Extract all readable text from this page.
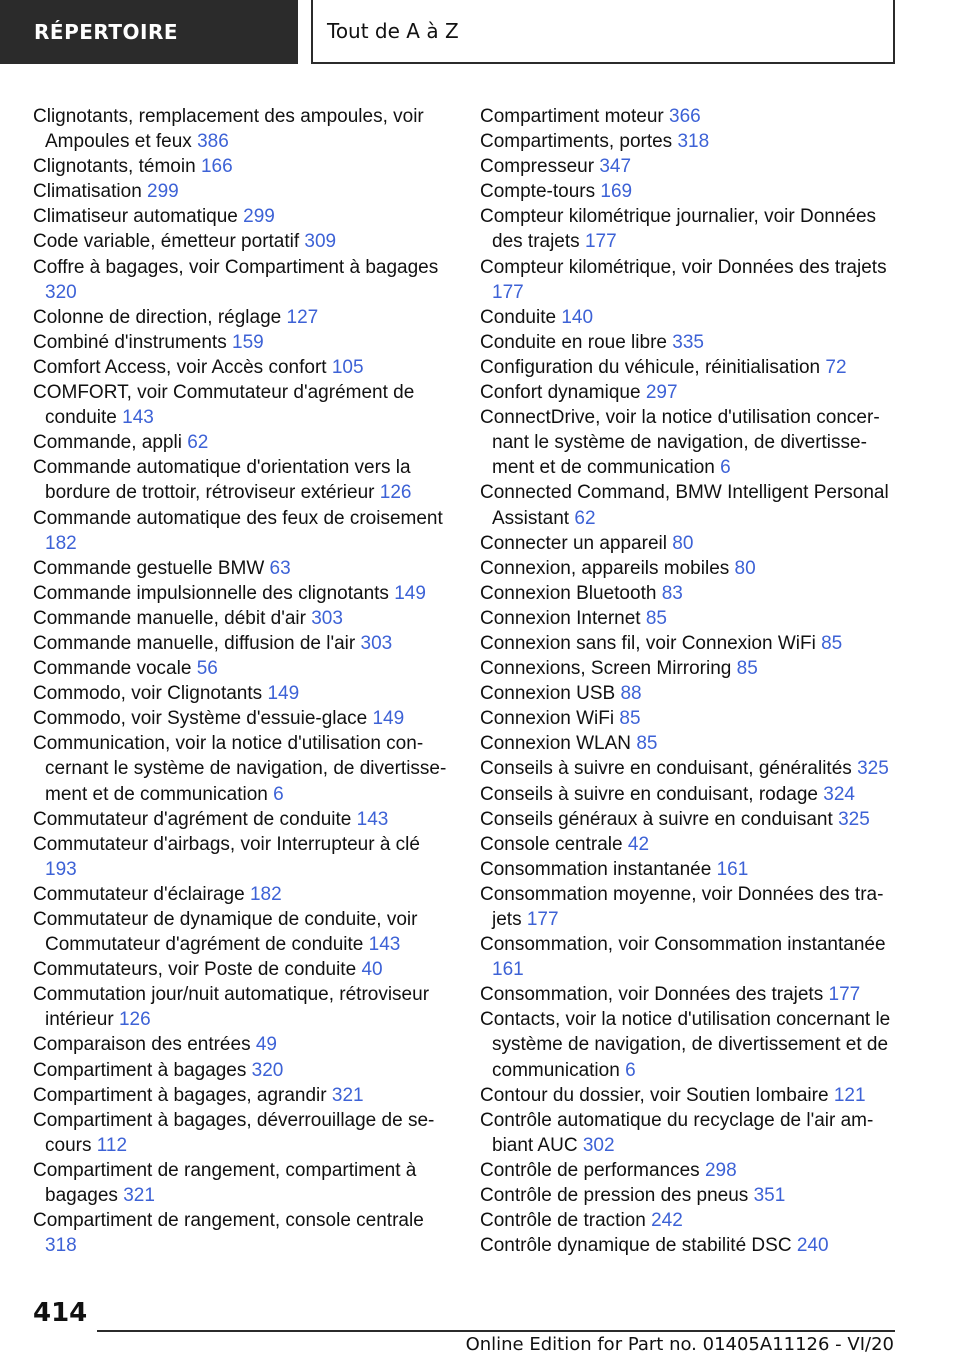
RÉPERTOIRE	Tout de A à Z
Clignotants, remplacement des ampoules, voir Ampoules et feux 386
Clignotants, témoin 166
Climatisation 299
Climatiseur automatique 299
Code variable, émetteur portatif 309
Coffre à bagages, voir Compartiment à bagages 320
Colonne de direction, réglage 127
Combiné d'instruments 159
Comfort Access, voir Accès confort 105
COMFORT, voir Commutateur d'agrément de conduite 143
Commande, appli 62
Commande automatique d'orientation vers la bordure de trottoir, rétroviseur extérieur 126
Commande automatique des feux de croisement 182
Commande gestuelle BMW 63
Commande impulsionnelle des clignotants 149
Commande manuelle, débit d'air 303
Commande manuelle, diffusion de l'air 303
Commande vocale 56
Commodo, voir Clignotants 149
Commodo, voir Système d'essuie-glace 149
Communication, voir la notice d'utilisation concernant le système de navigation, de divertissement et de communication 6
Commutateur d'agrément de conduite 143
Commutateur d'airbags, voir Interrupteur à clé 193
Commutateur d'éclairage 182
Commutateur de dynamique de conduite, voir Commutateur d'agrément de conduite 143
Commutateurs, voir Poste de conduite 40
Commutation jour/nuit automatique, rétroviseur intérieur 126
Comparaison des entrées 49
Compartiment à bagages 320
Compartiment à bagages, agrandir 321
Compartiment à bagages, déverrouillage de secours 112
Compartiment de rangement, compartiment à bagages 321
Compartiment de rangement, console centrale 318
Compartiment moteur 366
Compartiments, portes 318
Compresseur 347
Compte-tours 169
Compteur kilométrique journalier, voir Données des trajets 177
Compteur kilométrique, voir Données des trajets 177
Conduite 140
Conduite en roue libre 335
Configuration du véhicule, réinitialisation 72
Confort dynamique 297
ConnectDrive, voir la notice d'utilisation concernant le système de navigation, de divertissement et de communication 6
Connected Command, BMW Intelligent Personal Assistant 62
Connecter un appareil 80
Connexion, appareils mobiles 80
Connexion Bluetooth 83
Connexion Internet 85
Connexion sans fil, voir Connexion WiFi 85
Connexions, Screen Mirroring 85
Connexion USB 88
Connexion WiFi 85
Connexion WLAN 85
Conseils à suivre en conduisant, généralités 325
Conseils à suivre en conduisant, rodage 324
Conseils généraux à suivre en conduisant 325
Console centrale 42
Consommation instantanée 161
Consommation moyenne, voir Données des trajets 177
Consommation, voir Consommation instantanée 161
Consommation, voir Données des trajets 177
Contacts, voir la notice d'utilisation concernant le système de navigation, de divertissement et de communication 6
Contour du dossier, voir Soutien lombaire 121
Contrôle automatique du recyclage de l'air ambiant AUC 302
Contrôle de performances 298
Contrôle de pression des pneus 351
Contrôle de traction 242
Contrôle dynamique de stabilité DSC 240
414
Online Edition for Part no. 01405A11126 - VI/20
